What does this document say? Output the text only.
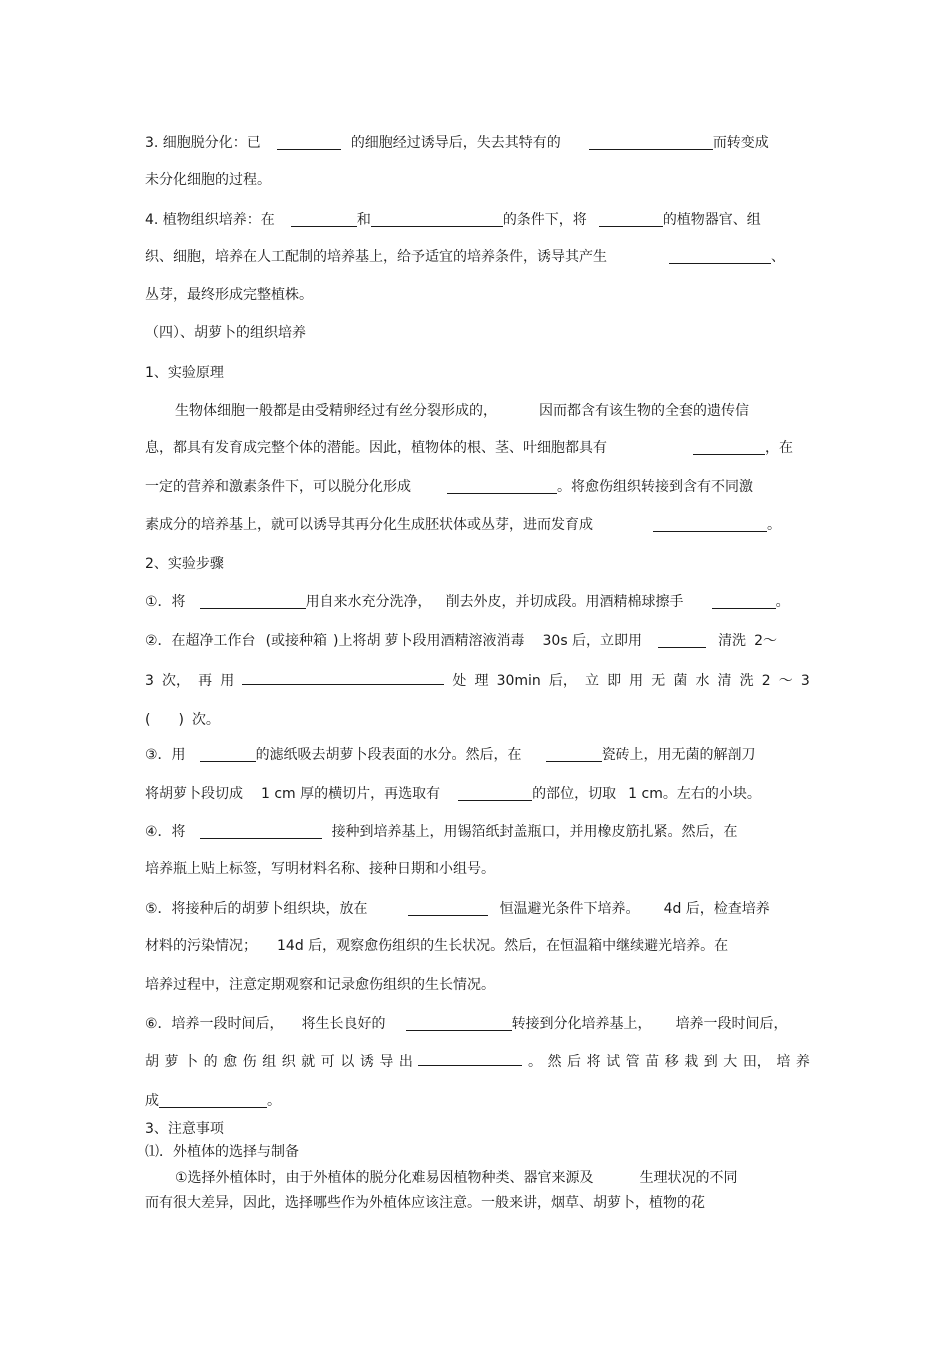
3. 细胞脱分化：已	的细胞经过诱导后，失去其特有的	而转变成
未分化细胞的过程。
4. 植物组织培养：在	和	的条件下，将	的植物器官、组
织、细胞，培养在人工配制的培养基上，给予适宜的培养条件，诱导其产生	、
丛芽，最终形成完整植株。
（四）、胡萝卜的组织培养
1、实验原理
生物体细胞一般都是由受精卵经过有丝分裂形成的，	因而都含有该生物的全套的遗传信
息，都具有发育成完整个体的潜能。因此，植物体的根、茎、叶细胞都具有	，在
一定的营养和激素条件下，可以脱分化形成	。将愈伤组织转接到含有不同激
素成分的培养基上，就可以诱导其再分化生成胚状体或丛芽，进而发育成	。
2、实验步骤
①．将	用自来水充分洗净， 削去外皮，并切成段。用酒精棉球擦手	。
②．在超净工作台 (或接种箱 )上将胡 萝卜段用酒精溶液消毒 30s 后，立即用	清洗 2～
3 次， 再 用	处 理 30min 后， 立 即 用 无 菌 水 清 洗 2 ～ 3
( ) 次。
③．用	的滤纸吸去胡萝卜段表面的水分。然后，在	瓷砖上，用无菌的解剖刀
将胡萝卜段切成 1 cm 厚的横切片，再选取有	的部位，切取 1 cm。左右的小块。
④．将	接种到培养基上，用锡箔纸封盖瓶口，并用橡皮筋扎紧。然后，在
培养瓶上贴上标签，写明材料名称、接种日期和小组号。
⑤．将接种后的胡萝卜组织块，放在	恒温避光条件下培养。 4d 后，检查培养
材料的污染情况； 14d 后，观察愈伤组织的生长状况。然后，在恒温箱中继续避光培养。在
培养过程中，注意定期观察和记录愈伤组织的生长情况。
⑥．培养一段时间后， 将生长良好的	转接到分化培养基上， 培养一段时间后，
胡 萝 卜 的 愈 伤 组 织 就 可 以 诱 导 出	。 然 后 将 试 管 苗 移 栽 到 大 田， 培 养
成	。
3、注意事项
⑴．外植体的选择与制备
①选择外植体时，由于外植体的脱分化难易因植物种类、器官来源及	生理状况的不同
而有很大差异，因此，选择哪些作为外植体应该注意。一般来讲，烟草、胡萝卜，植物的花
